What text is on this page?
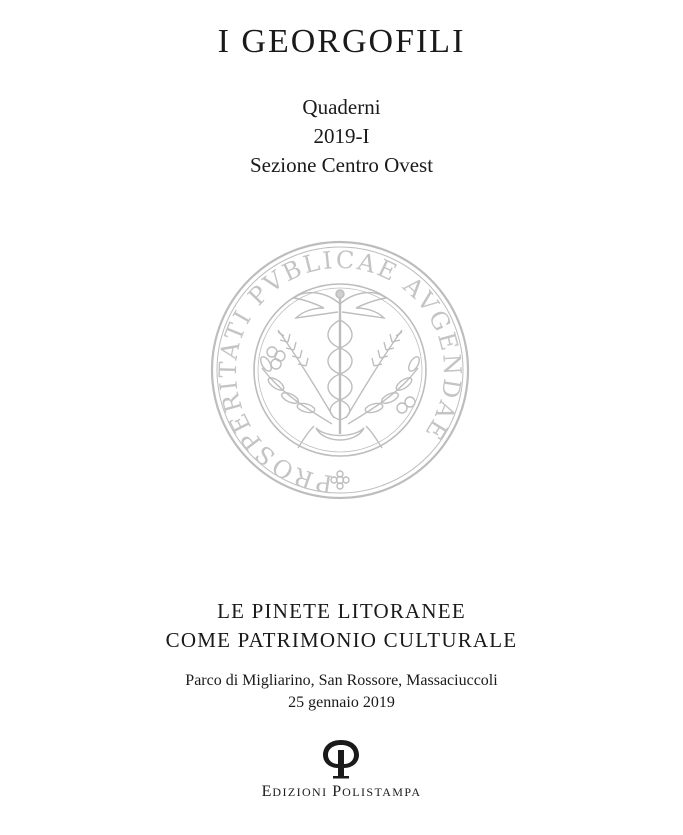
I GEORGOFILI
Quaderni
2019-I
Sezione Centro Ovest
PROSPERITATI PVBLICAE AVGENDAE
LE PINETE LITORANEE
COME PATRIMONIO CULTURALE
Parco di Migliarino, San Rossore, Massaciuccoli
25 gennaio 2019
EDIZIONI POLISTAMPA
